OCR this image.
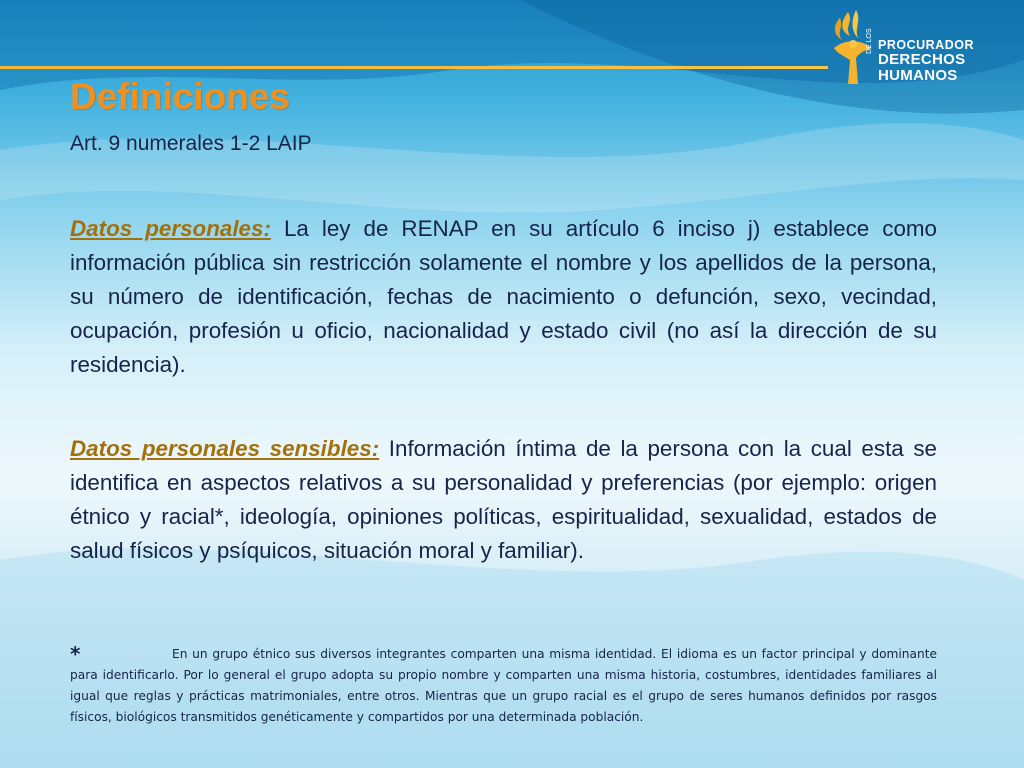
DE LOS PROCURADOR
DERECHOS
HUMANOS
Definiciones

Art. 9 numerales 1-2 LAIP

Datos personales: La ley de RENAP en su artículo 6 inciso j) establece como información pública sin restricción solamente el nombre y los apellidos de la persona, su número de identificación, fechas de nacimiento o defunción, sexo, vecindad, ocupación, profesión u oficio, nacionalidad y estado civil (no así la dirección de su residencia).

Datos personales sensibles: Información íntima de la persona con la cual esta se identifica en aspectos relativos a su personalidad y preferencias (por ejemplo: origen étnico y racial*, ideología, opiniones políticas, espiritualidad, sexualidad, estados de salud físicos y psíquicos, situación moral y familiar).

*	En un grupo étnico sus diversos integrantes comparten una misma identidad. El idioma es un factor principal y dominante para identificarlo. Por lo general el grupo adopta su propio nombre y comparten una misma historia, costumbres, identidades familiares al igual que reglas y prácticas matrimoniales, entre otros. Mientras que un grupo racial es el grupo de seres humanos definidos por rasgos físicos, biológicos transmitidos genéticamente y compartidos por una determinada población.
